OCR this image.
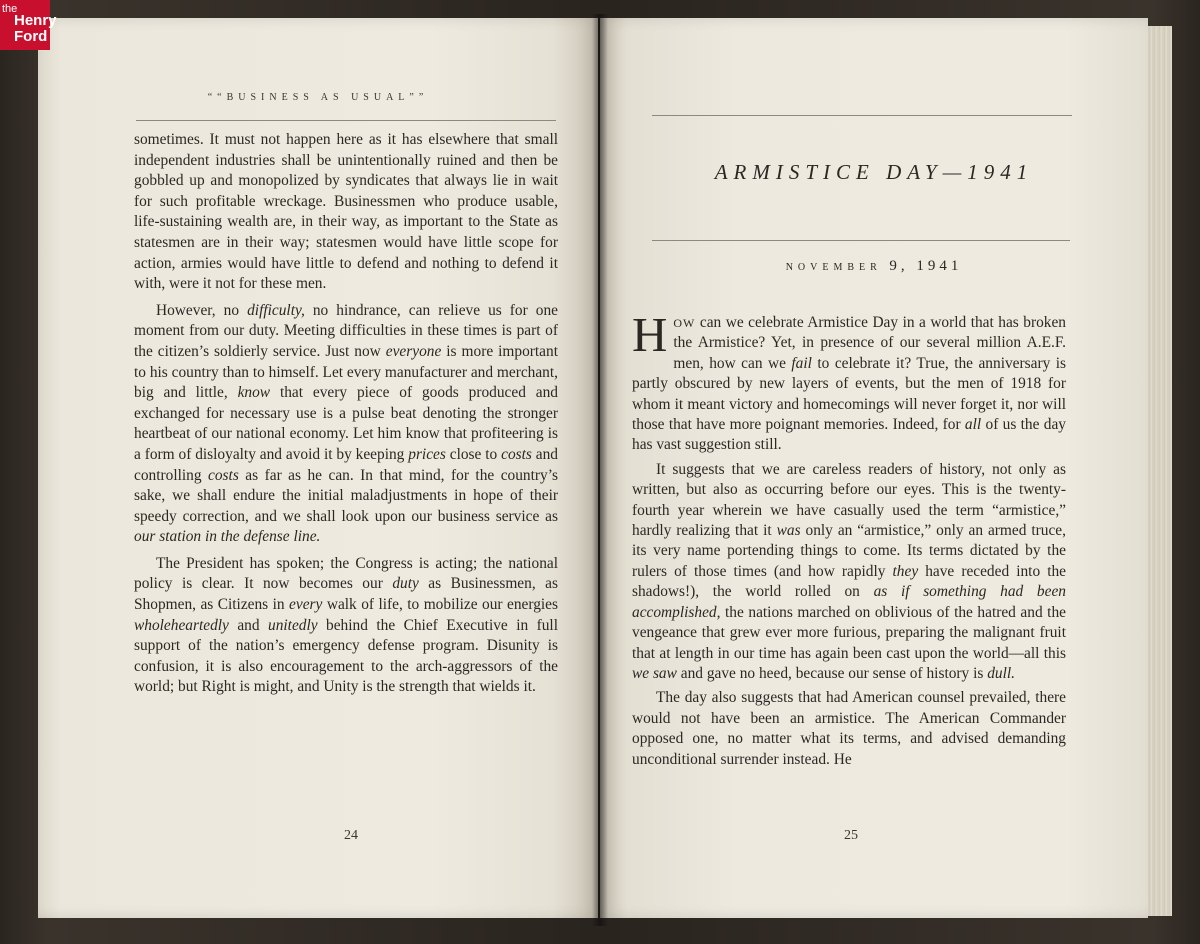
the
Henry
Ford
““BUSINESS AS USUAL””

sometimes. It must not happen here as it has elsewhere that small independent industries shall be unintentionally ruined and then be gobbled up and monopolized by syndicates that always lie in wait for such profitable wreckage. Businessmen who produce usable, life-sustaining wealth are, in their way, as important to the State as statesmen are in their way; statesmen would have little scope for action, armies would have little to defend and nothing to defend it with, were it not for these men.

However, no difficulty, no hindrance, can relieve us for one moment from our duty. Meeting difficulties in these times is part of the citizen’s soldierly service. Just now everyone is more important to his country than to himself. Let every manufacturer and merchant, big and little, know that every piece of goods produced and exchanged for necessary use is a pulse beat denoting the stronger heartbeat of our national economy. Let him know that profiteering is a form of disloyalty and avoid it by keeping prices close to costs and controlling costs as far as he can. In that mind, for the country’s sake, we shall endure the initial maladjustments in hope of their speedy correction, and we shall look upon our business service as our station in the defense line.

The President has spoken; the Congress is acting; the national policy is clear. It now becomes our duty as Businessmen, as Shopmen, as Citizens in every walk of life, to mobilize our energies wholeheartedly and unitedly behind the Chief Executive in full support of the nation’s emergency defense program. Disunity is confusion, it is also encouragement to the arch-aggressors of the world; but Right is might, and Unity is the strength that wields it.

24
ARMISTICE DAY—1941
NOVEMBER 9, 1941

HOW can we celebrate Armistice Day in a world that has broken the Armistice? Yet, in presence of our several million A.E.F. men, how can we fail to celebrate it? True, the anniversary is partly obscured by new layers of events, but the men of 1918 for whom it meant victory and homecomings will never forget it, nor will those that have more poignant memories. Indeed, for all of us the day has vast suggestion still.

It suggests that we are careless readers of history, not only as written, but also as occurring before our eyes. This is the twenty-fourth year wherein we have casually used the term “armistice,” hardly realizing that it was only an “armistice,” only an armed truce, its very name portending things to come. Its terms dictated by the rulers of those times (and how rapidly they have receded into the shadows!), the world rolled on as if something had been accomplished, the nations marched on oblivious of the hatred and the vengeance that grew ever more furious, preparing the malignant fruit that at length in our time has again been cast upon the world—all this we saw and gave no heed, because our sense of history is dull.

The day also suggests that had American counsel prevailed, there would not have been an armistice. The American Commander opposed one, no matter what its terms, and advised demanding unconditional surrender instead. He

25
